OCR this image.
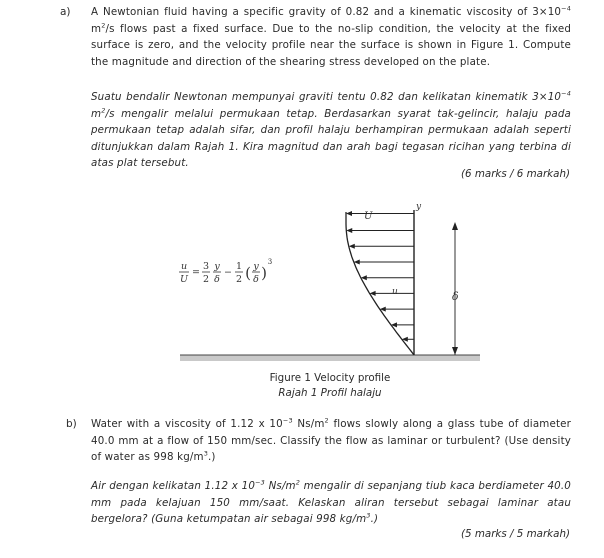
a) A Newtonian fluid having a specific gravity of 0.82 and a kinematic viscosity of $3\times 10^{-4}$ $m^2/s$ flows past a fixed surface. Due to the no-slip condition, the velocity at the fixed surface is zero, and the velocity profile near the surface is shown in Figure 1. Compute the magnitude and direction of the shearing stress developed on the plate.

Suatu bendalir Newtonan mempunyai graviti tentu 0.82 dan kelikatan kinematik $3\times 10^{-4}$ $m^2/s$ mengalir melalui permukaan tetap. Berdasarkan syarat tak-gelincir, halaju pada permukaan tetap adalah sifar, dan profil halaju berhampiran permukaan adalah seperti ditunjukkan dalam Rajah 1. Kira magnitud dan arah bagi tegasan ricihan yang terbina di atas plat tersebut.

(6 marks / 6 markah)
y
U
u	δ
u
U
=
3
2
y
δ
−
1
2 ( y
δ )
3
Figure 1 Velocity profile
Rajah 1 Profil halaju
b) Water with a viscosity of 1.12 x $10^{-3}$ $Ns/m^2$ flows slowly along a glass tube of diameter 40.0 mm at a flow of 150 mm/sec. Classify the flow as laminar or turbulent? (Use density of water as 998 $kg/m^3$.)

Air dengan kelikatan 1.12 x $10^{-3}$ $Ns/m^2$ mengalir di sepanjang tiub kaca berdiameter 40.0 mm pada kelajuan 150 mm/saat. Kelaskan aliran tersebut sebagai laminar atau bergelora? (Guna ketumpatan air sebagai 998 $kg/m^3$.)

(5 marks / 5 markah)
